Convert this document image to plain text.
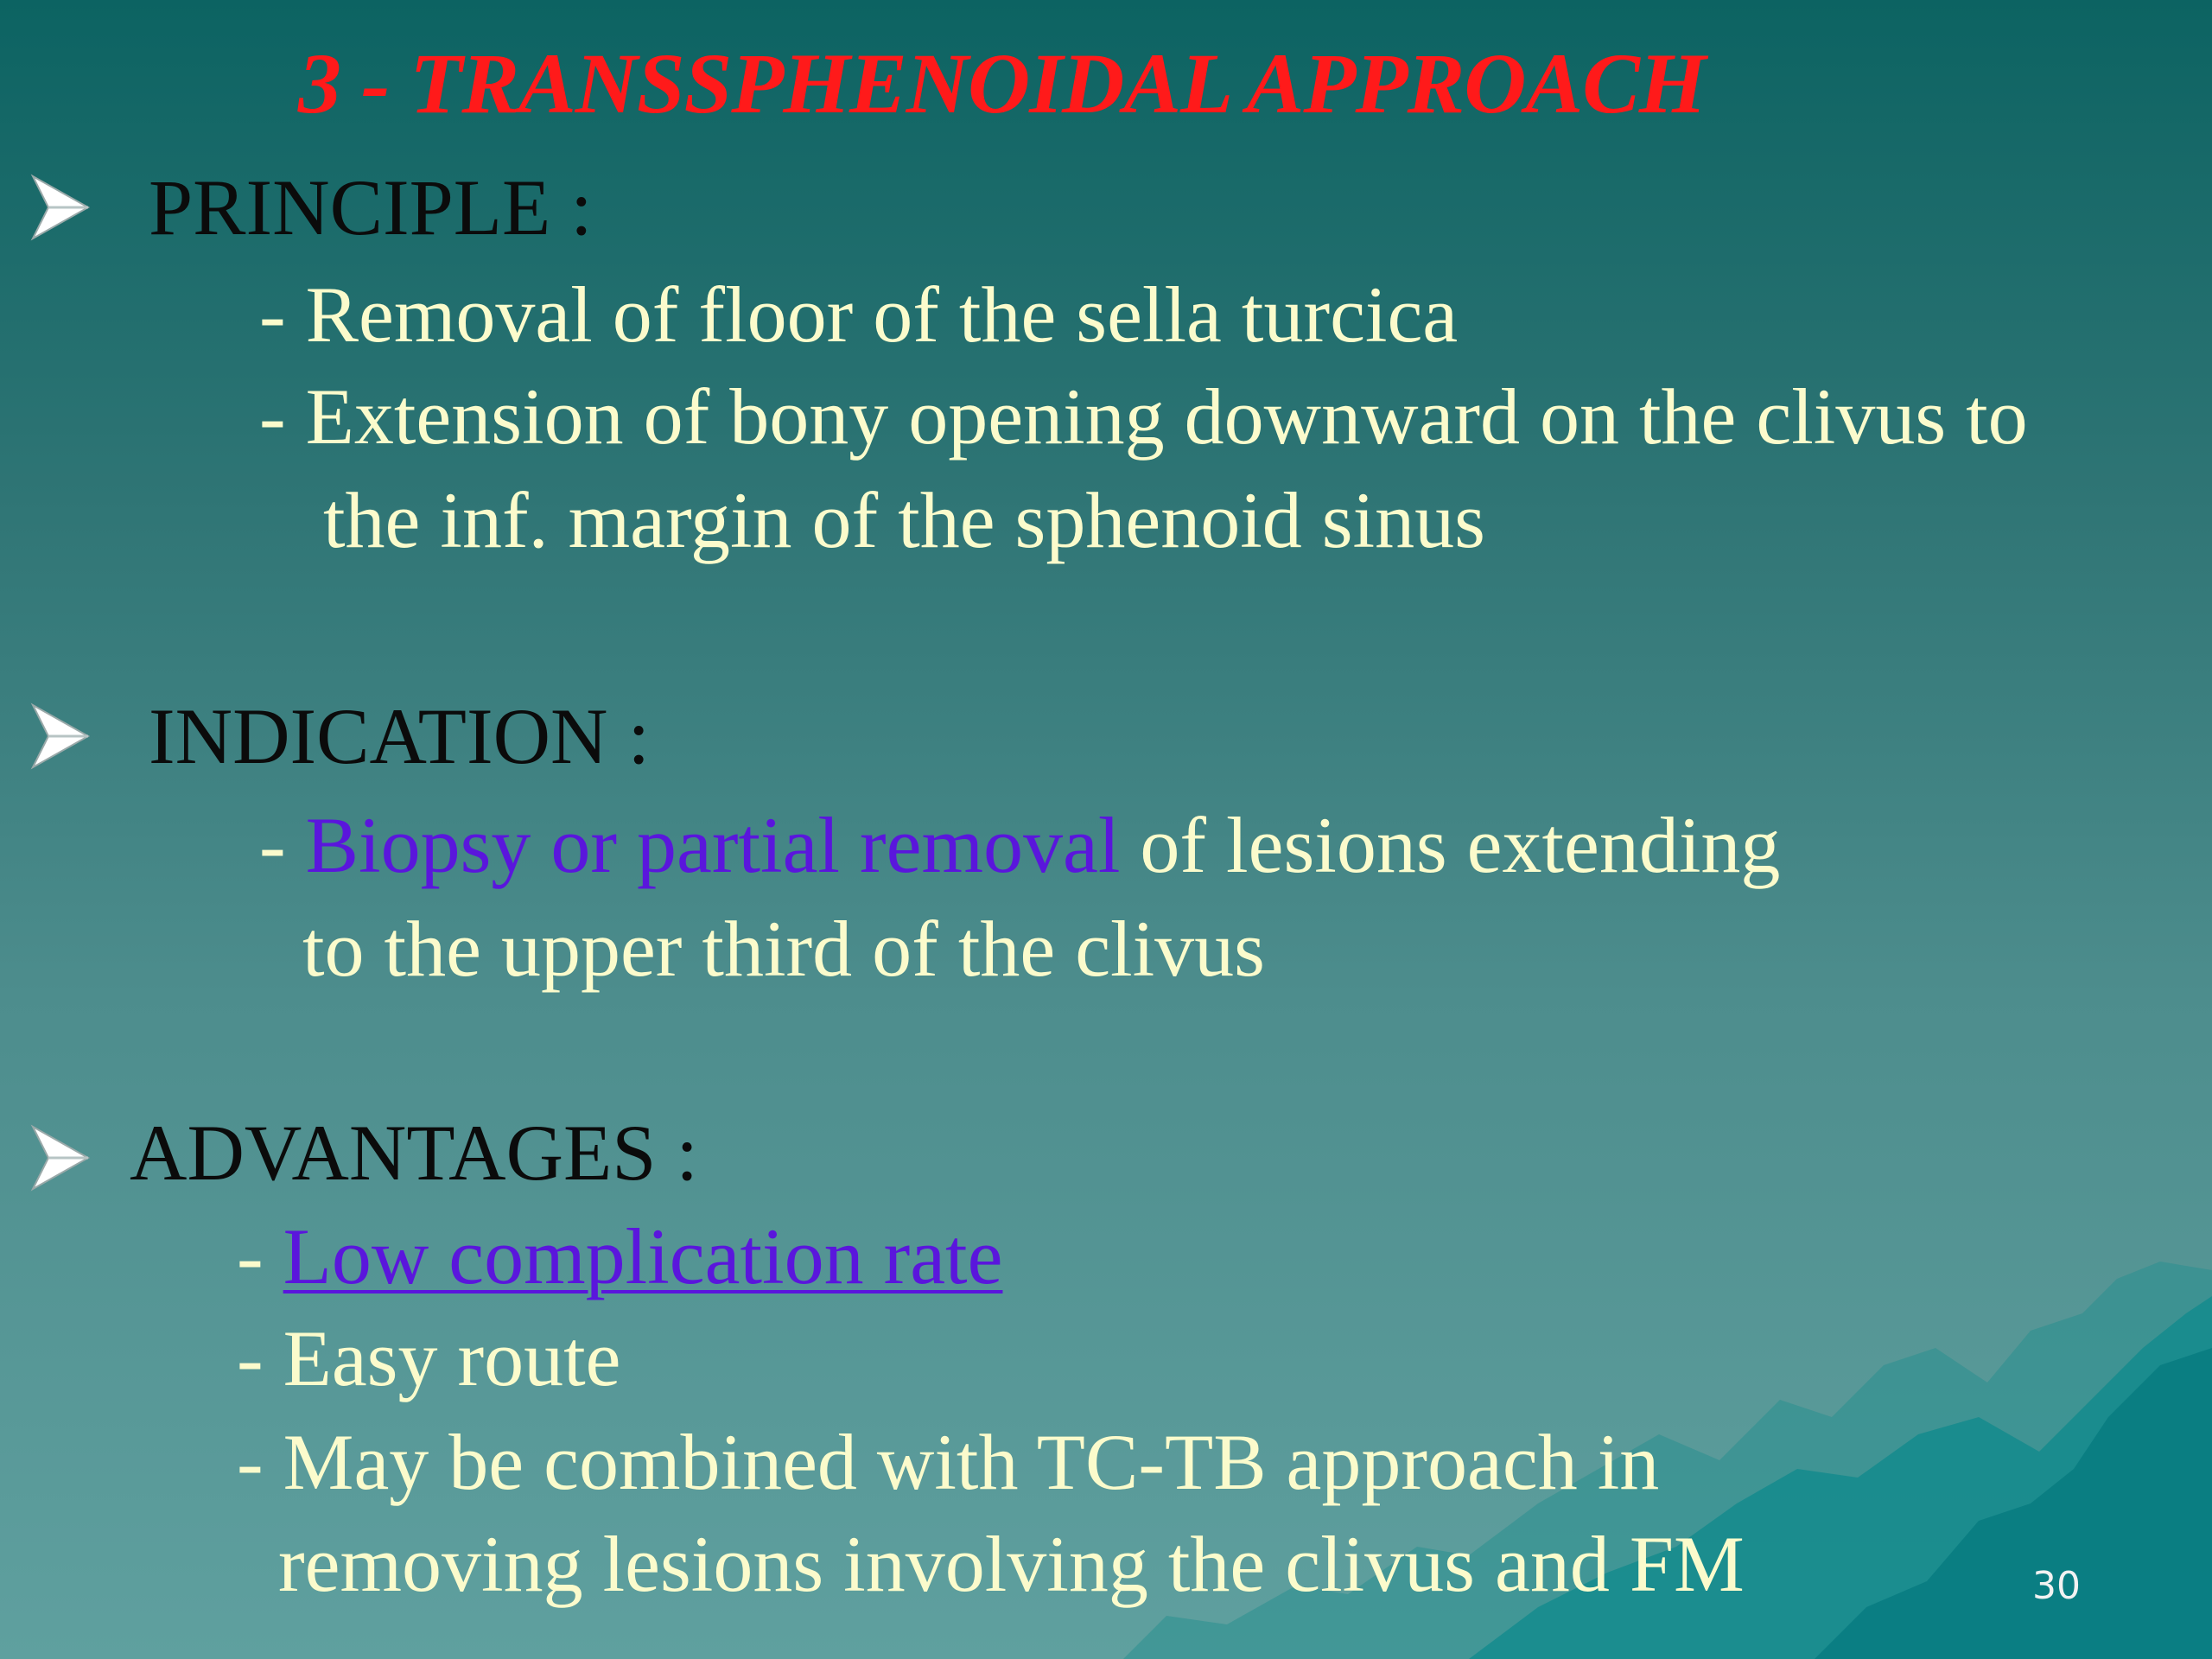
3 - TRANSSPHENOIDAL APPROACH

PRINCIPLE :

- Removal of floor of the sella turcica

- Extension of bony opening downward on the clivus to

the inf. margin of the sphenoid sinus

INDICATION :

- Biopsy or partial removal of lesions extending

to the upper third of the clivus

ADVANTAGES :

- Low complication rate

- Easy route

- May be combined with TC-TB approach in

removing lesions involving the clivus and FM	30
